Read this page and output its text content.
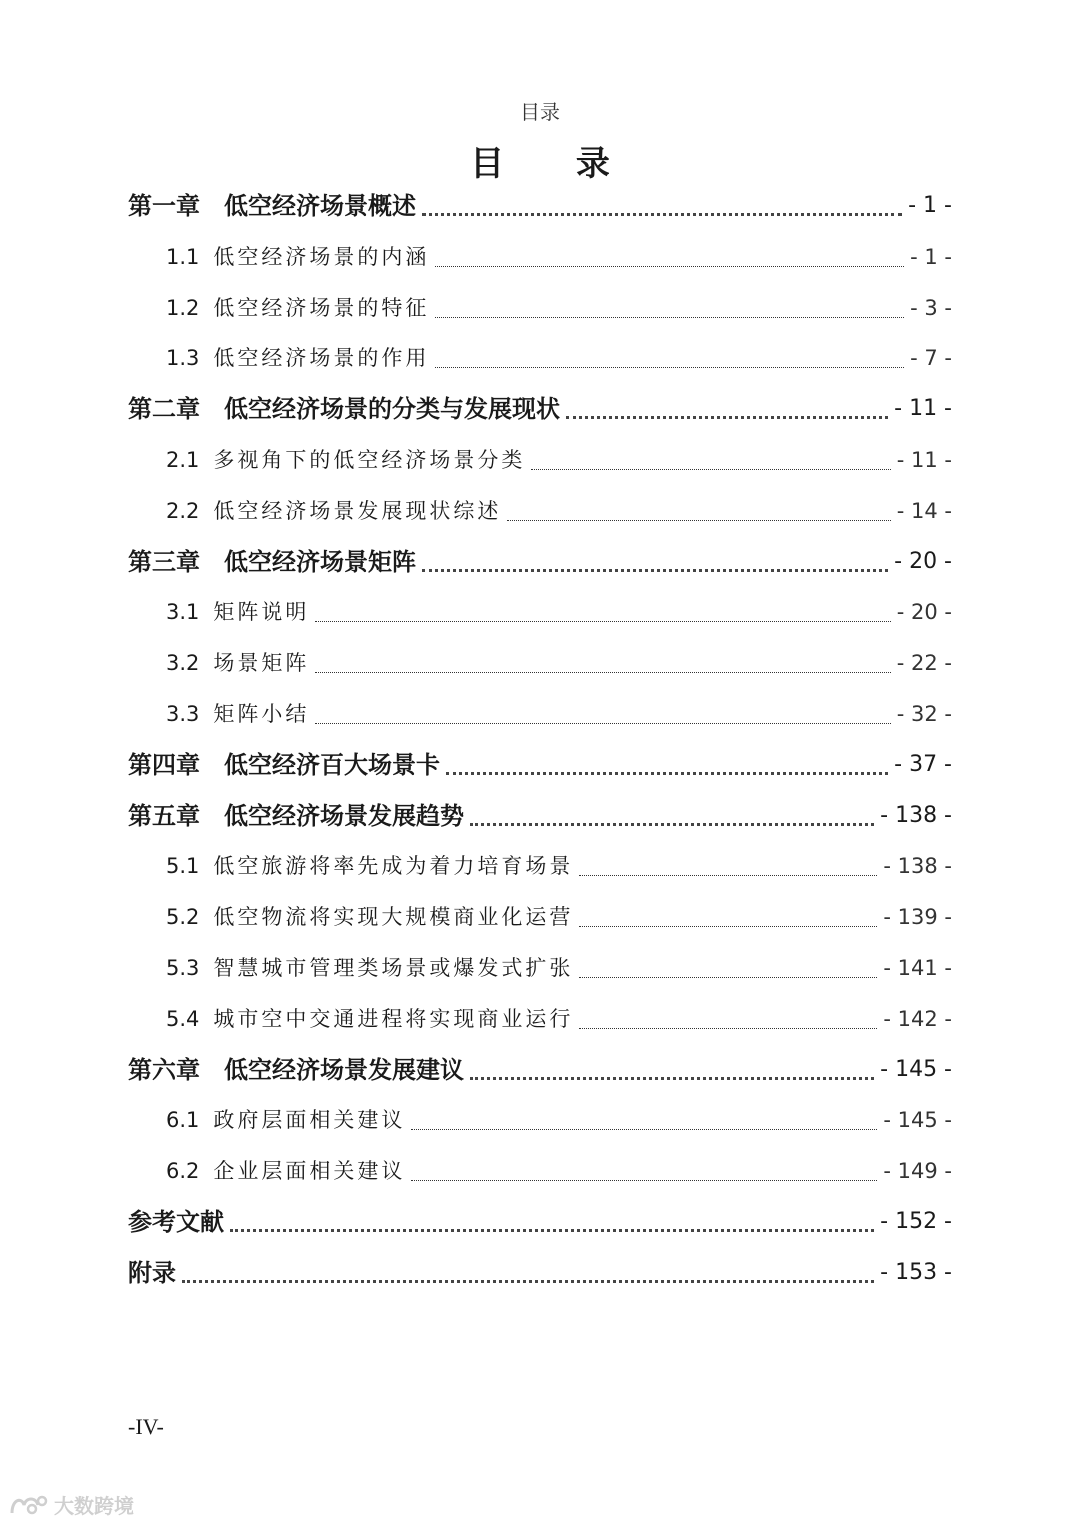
目录
目 录
第一章 低空经济场景概述	- 1 -
1.1 低空经济场景的内涵	- 1 -
1.2 低空经济场景的特征	- 3 -
1.3 低空经济场景的作用	- 7 -
第二章 低空经济场景的分类与发展现状	- 11 -
2.1 多视角下的低空经济场景分类	- 11 -
2.2 低空经济场景发展现状综述	- 14 -
第三章 低空经济场景矩阵	- 20 -
3.1 矩阵说明	- 20 -
3.2 场景矩阵	- 22 -
3.3 矩阵小结	- 32 -
第四章 低空经济百大场景卡	- 37 -
第五章 低空经济场景发展趋势	- 138 -
5.1 低空旅游将率先成为着力培育场景	- 138 -
5.2 低空物流将实现大规模商业化运营	- 139 -
5.3 智慧城市管理类场景或爆发式扩张	- 141 -
5.4 城市空中交通进程将实现商业运行	- 142 -
第六章 低空经济场景发展建议	- 145 -
6.1 政府层面相关建议	- 145 -
6.2 企业层面相关建议	- 149 -
参考文献	- 152 -
附录	- 153 -
-IV-
大数跨境
